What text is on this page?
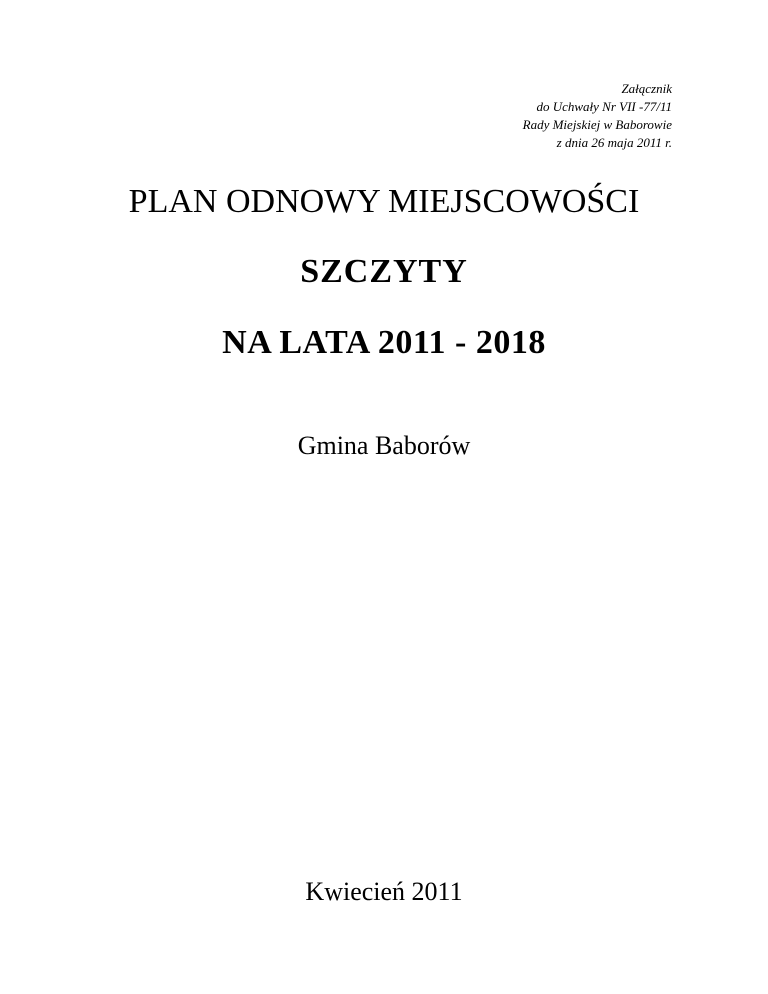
Załącznik
do Uchwały Nr VII -77/11
Rady Miejskiej w Baborowie
z dnia 26 maja 2011 r.
PLAN ODNOWY MIEJSCOWOŚCI
SZCZYTY
NA LATA 2011 - 2018
Gmina Baborów
Kwiecień 2011
